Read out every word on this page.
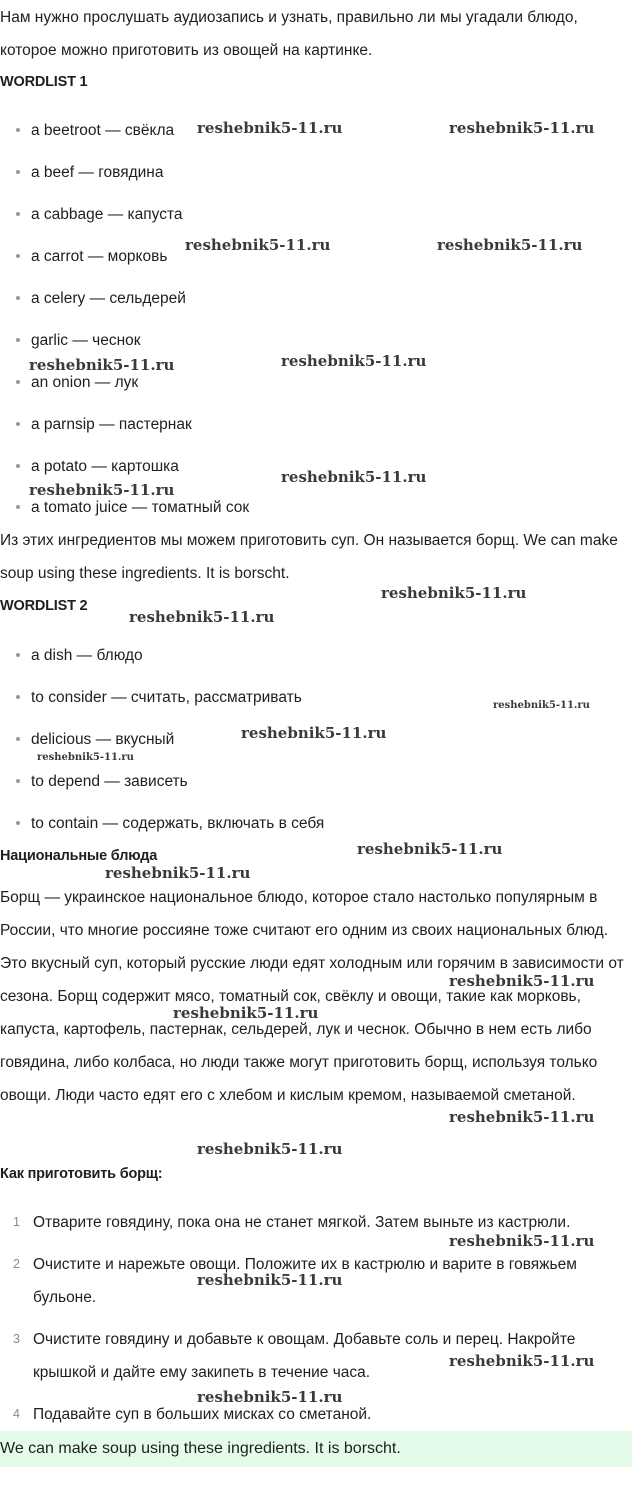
Нам нужно прослушать аудиозапись и узнать, правильно ли мы угадали блюдо, которое можно приготовить из овощей на картинке.

WORDLIST 1
a beetroot — свёкла
a beef — говядина
a cabbage — капуста
a carrot — морковь
a celery — сельдерей
garlic — чеснок
an onion — лук
a parnsip — пастернак
a potato — картошка
a tomato juice — томатный сок

Из этих ингредиентов мы можем приготовить суп. Он называется борщ. We can make soup using these ingredients. It is borscht.

WORDLIST 2
a dish — блюдо
to consider — считать, рассматривать
delicious — вкусный
to depend — зависеть
to contain — содержать, включать в себя
Национальные блюда

Борщ — украинское национальное блюдо, которое стало настолько популярным в России, что многие россияне тоже считают его одним из своих национальных блюд. Это вкусный суп, который русские люди едят холодным или горячим в зависимости от сезона. Борщ содержит мясо, томатный сок, свёклу и овощи, такие как морковь, капуста, картофель, пастернак, сельдерей, лук и чеснок. Обычно в нем есть либо говядина, либо колбаса, но люди также могут приготовить борщ, используя только овощи. Люди часто едят его с хлебом и кислым кремом, называемой сметаной.

Как приготовить борщ:
1 Отварите говядину, пока она не станет мягкой. Затем выньте из кастрюли.
2 Очистите и нарежьте овощи. Положите их в кастрюлю и варите в говяжьем бульоне.
3 Очистите говядину и добавьте к овощам. Добавьте соль и перец. Накройте крышкой и дайте ему закипеть в течение часа.
4 Подавайте суп в больших мисках со сметаной.
We can make soup using these ingredients. It is borscht.
reshebnik5-11.ru	reshebnik5-11.ru
reshebnik5-11.ru	reshebnik5-11.ru
reshebnik5-11.ru	reshebnik5-11.ru
reshebnik5-11.ru
reshebnik5-11.ru
reshebnik5-11.ru
reshebnik5-11.ru
reshebnik5-11.ru
reshebnik5-11.ru
reshebnik5-11.ru
reshebnik5-11.ru
reshebnik5-11.ru
reshebnik5-11.ru
reshebnik5-11.ru
reshebnik5-11.ru
reshebnik5-11.ru
reshebnik5-11.ru
reshebnik5-11.ru
reshebnik5-11.ru
reshebnik5-11.ru
